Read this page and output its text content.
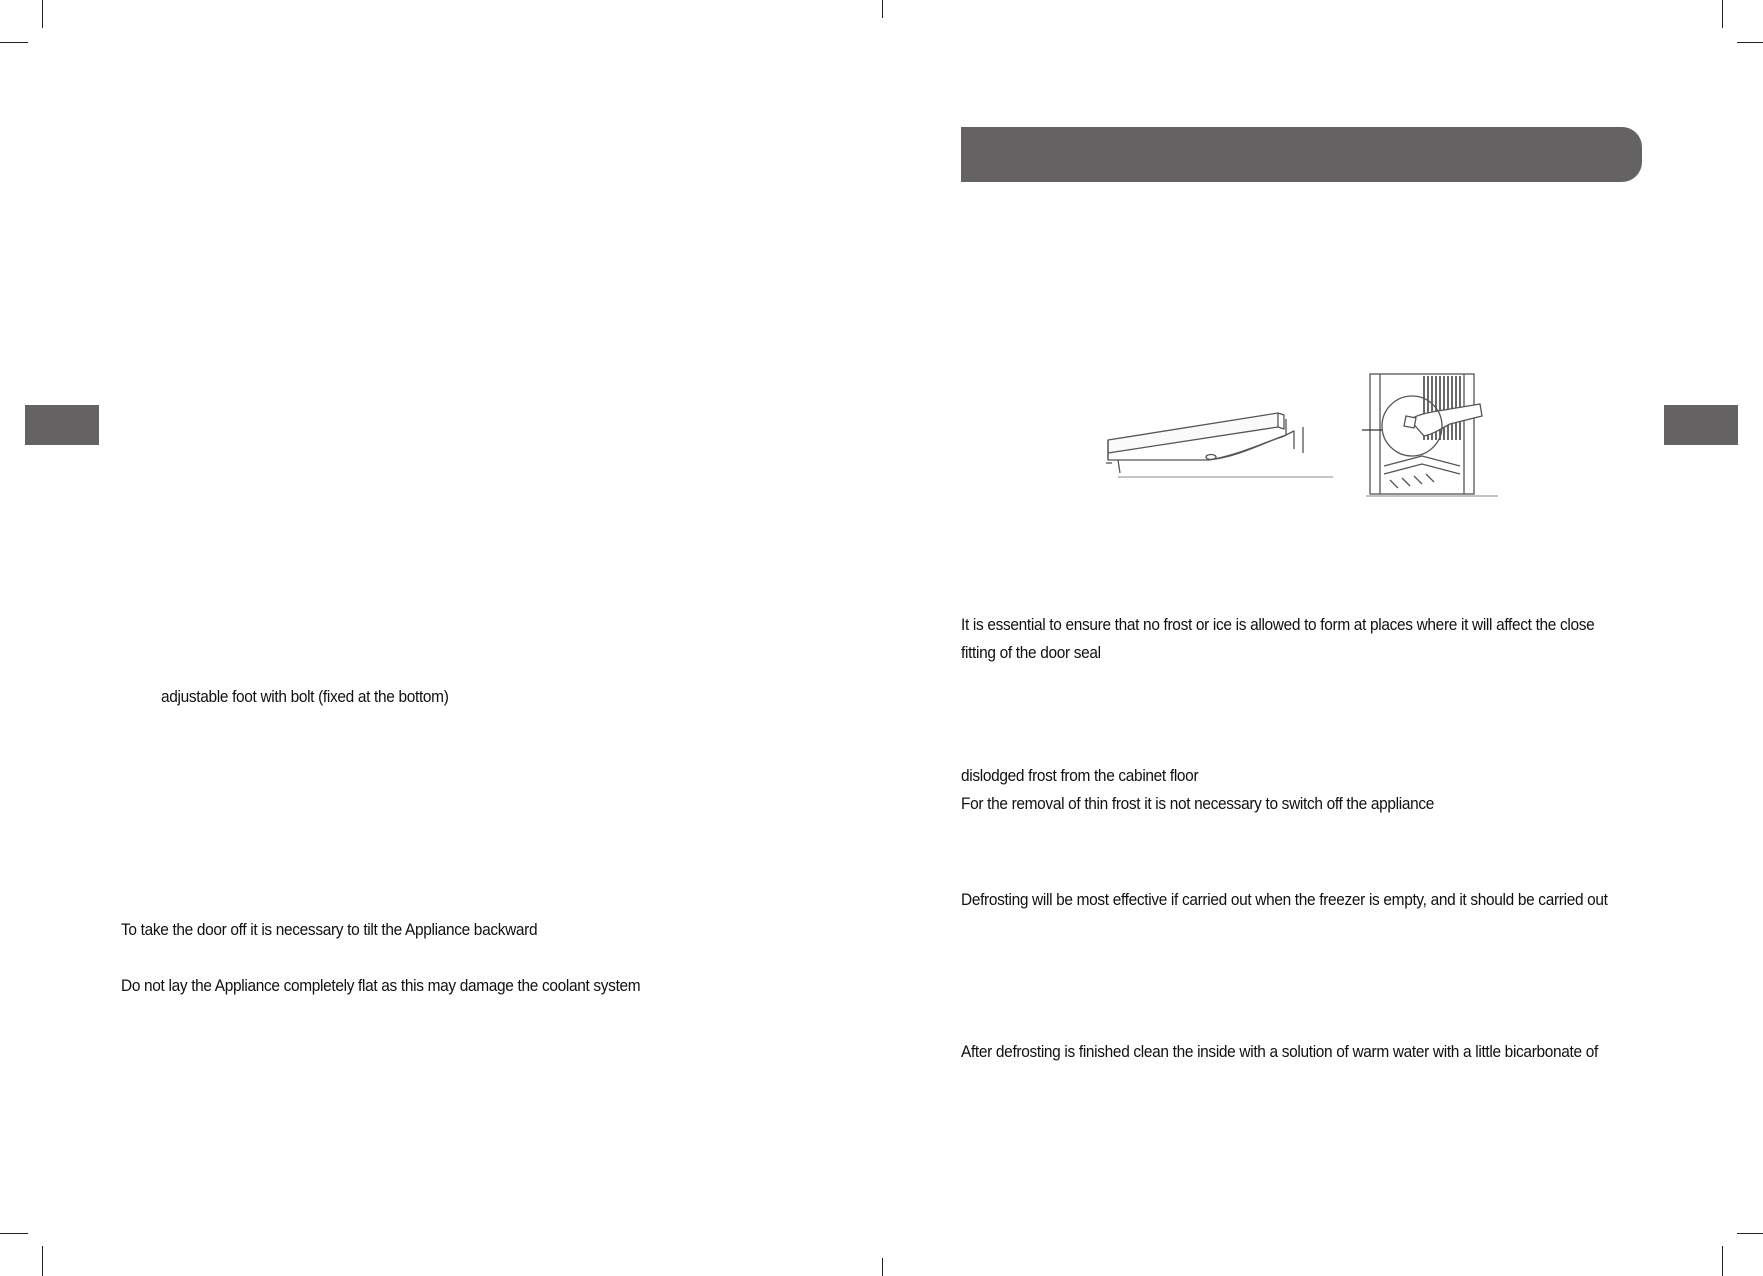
adjustable foot with bolt (fixed at the bottom)
To take the door off it is necessary to tilt the Appliance backward
Do not lay the Appliance completely flat as this may damage the coolant system
It is essential to ensure that no frost or ice is allowed to form at places where it will affect the close
fitting of the door seal
dislodged frost from the cabinet floor
For the removal of thin frost it is not necessary to switch off the appliance
Defrosting will be most effective if carried out when the freezer is empty, and it should be carried out
After defrosting is finished clean the inside with a solution of warm water with a little bicarbonate of
